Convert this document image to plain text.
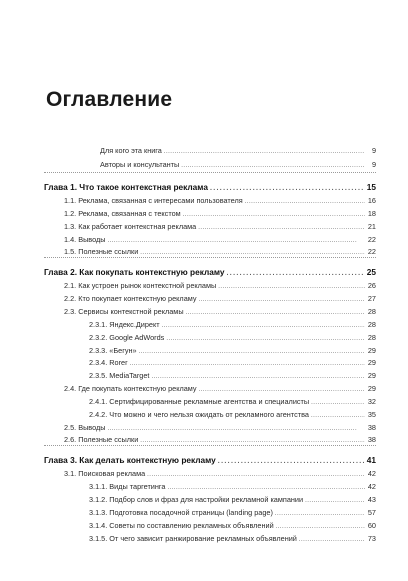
Оглавление
Для кого эта книга . . .	9
Авторы и консультанты . . .	9
Глава 1. Что такое контекстная реклама . . .	15
1.1. Реклама, связанная с интересами пользователя . . .	16
1.2. Реклама, связанная с текстом . . .	18
1.3. Как работает контекстная реклама . . .	21
1.4. Выводы . . .	22
1.5. Полезные ссылки . . .	22
Глава 2. Как покупать контекстную рекламу . . .	25
2.1. Как устроен рынок контекстной рекламы . . .	26
2.2. Кто покупает контекстную рекламу . . .	27
2.3. Сервисы контекстной рекламы . . .	28
2.3.1. Яндекс.Директ . . .	28
2.3.2. Google AdWords . . .	28
2.3.3. «Бегун» . . .	29
2.3.4. Rorer . . .	29
2.3.5. MediaTarget . . .	29
2.4. Где покупать контекстную рекламу . . .	29
2.4.1. Сертифицированные рекламные агентства и специалисты . . .	32
2.4.2. Что можно и чего нельзя ожидать от рекламного агентства . . .	35
2.5. Выводы . . .	38
2.6. Полезные ссылки . . .	38
Глава 3. Как делать контекстную рекламу . . .	41
3.1. Поисковая реклама . . .	42
3.1.1. Виды таргетинга . . .	42
3.1.2. Подбор слов и фраз для настройки рекламной кампании . . .	43
3.1.3. Подготовка посадочной страницы (landing page) . . .	57
3.1.4. Советы по составлению рекламных объявлений . . .	60
3.1.5. От чего зависит ранжирование рекламных объявлений . . .	73
